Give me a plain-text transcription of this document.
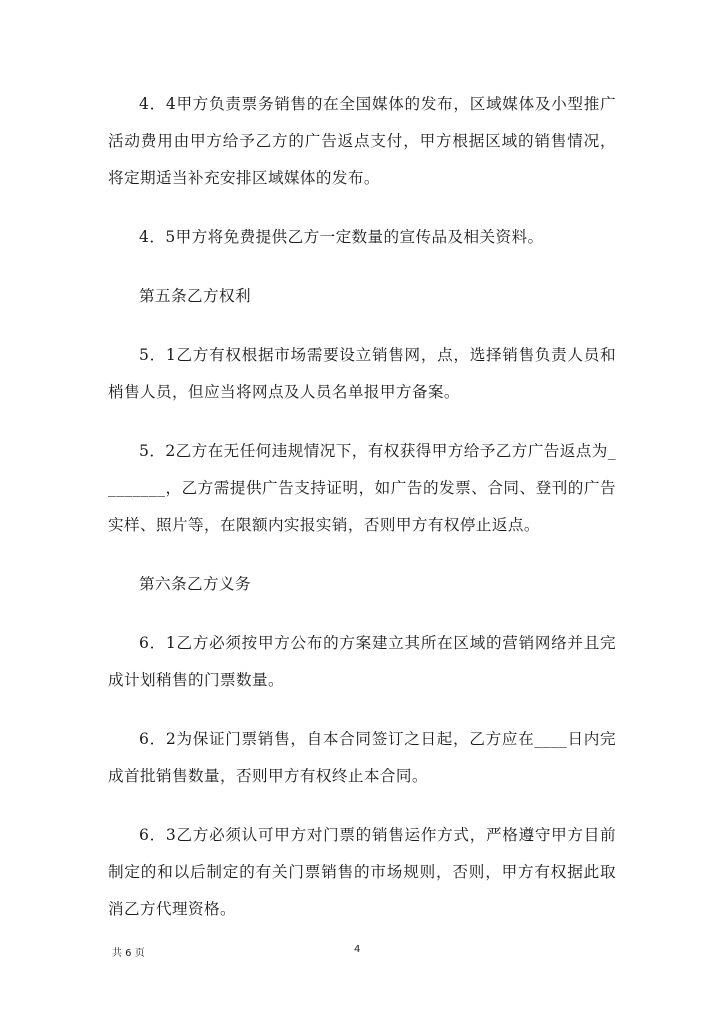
4．4甲方负责票务销售的在全国媒体的发布，区域媒体及小型推广活动费用由甲方给予乙方的广告返点支付，甲方根据区域的销售情况，将定期适当补充安排区域媒体的发布。

4．5甲方将免费提供乙方一定数量的宣传品及相关资料。

第五条乙方权利

5．1乙方有权根据市场需要设立销售网，点，选择销售负责人员和梢售人员，但应当将网点及人员名单报甲方备案。

5．2乙方在无任何违规情况下，有权获得甲方给予乙方广告返点为________，乙方需提供广告支持证明，如广告的发票、合同、登刊的广告实样、照片等，在限额内实报实销，否则甲方有权停止返点。

第六条乙方义务

6．1乙方必须按甲方公布的方案建立其所在区域的营销网络并且完成计划稍售的门票数量。

6．2为保证门票销售，自本合同签订之日起，乙方应在____日内完成首批销售数量，否则甲方有权终止本合同。

6．3乙方必须认可甲方对门票的销售运作方式，严格遵守甲方目前制定的和以后制定的有关门票销售的市场规则，否则，甲方有权据此取消乙方代理资格。

共 6 页	4
